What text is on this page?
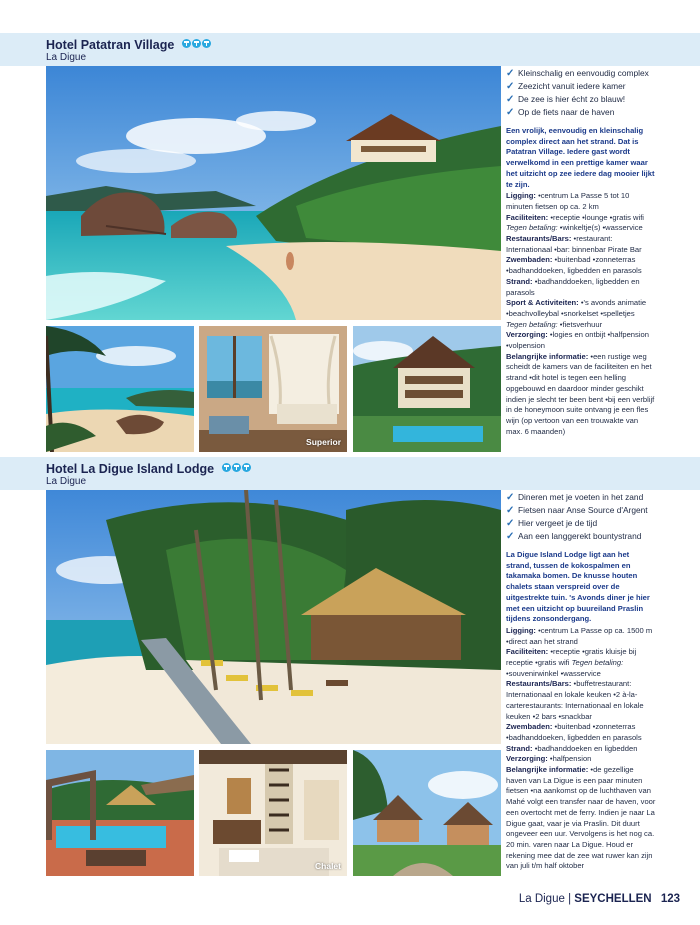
Hotel Patatran Village
La Digue
✓ Kleinschalig en eenvoudig complex
✓ Zeezicht vanuit iedere kamer
✓ De zee is hier écht zo blauw!
✓ Op de fiets naar de haven

Een vrolijk, eenvoudig en kleinschalig complex direct aan het strand. Dat is Patatran Village. Iedere gast wordt verwelkomd in een prettige kamer waar het uitzicht op zee iedere dag mooier lijkt te zijn.

Ligging: •centrum La Passe 5 tot 10 minuten fietsen op ca. 2 km

Faciliteiten: •receptie •lounge •gratis wifi Tegen betaling: •winkeltje(s) •wasservice

Restaurants/Bars: •restaurant: Internationaal •bar: binnenbar Pirate Bar

Zwembaden: •buitenbad •zonneterras •badhanddoeken, ligbedden en parasols

Strand: •badhanddoeken, ligbedden en parasols

Sport & Activiteiten: •'s avonds animatie •beachvolleybal •snorkelset •spelletjes Tegen betaling: •fietsverhuur

Verzorging: •logies en ontbijt •halfpension •volpension

Belangrijke informatie: •een rustige weg scheidt de kamers van de faciliteiten en het strand •dit hotel is tegen een helling opgebouwd en daardoor minder geschikt indien je slecht ter been bent •bij een verblijf in de honeymoon suite ontvang je een fles wijn (op vertoon van een trouwakte van max. 6 maanden)

Superior
Hotel La Digue Island Lodge
La Digue
✓ Dineren met je voeten in het zand
✓ Fietsen naar Anse Source d'Argent
✓ Hier vergeet je de tijd
✓ Aan een langgerekt bountystrand

La Digue Island Lodge ligt aan het strand, tussen de kokospalmen en takamaka bomen. De knusse houten chalets staan verspreid over de uitgestrekte tuin. 's Avonds diner je hier met een uitzicht op buureiland Praslin tijdens zonsondergang.

Ligging: •centrum La Passe op ca. 1500 m •direct aan het strand

Faciliteiten: •receptie •gratis kluisje bij receptie •gratis wifi Tegen betaling: •souvenirwinkel •wasservice

Restaurants/Bars: •buffetrestaurant: Internationaal en lokale keuken •2 à-la-carterestaurants: Internationaal en lokale keuken •2 bars •snackbar

Zwembaden: •buitenbad •zonneterras •badhanddoeken, ligbedden en parasols

Strand: •badhanddoeken en ligbedden

Verzorging: •halfpension

Belangrijke informatie: •de gezellige haven van La Digue is een paar minuten fietsen •na aankomst op de luchthaven van Mahé volgt een transfer naar de haven, voor een overtocht met de ferry. Indien je naar La Digue gaat, vaar je via Praslin. Dit duurt ongeveer een uur. Vervolgens is het nog ca. 20 min. varen naar La Digue. Houd er rekening mee dat de zee wat ruwer kan zijn van juli t/m half oktober

Chalet
La Digue | SEYCHELLEN 123
